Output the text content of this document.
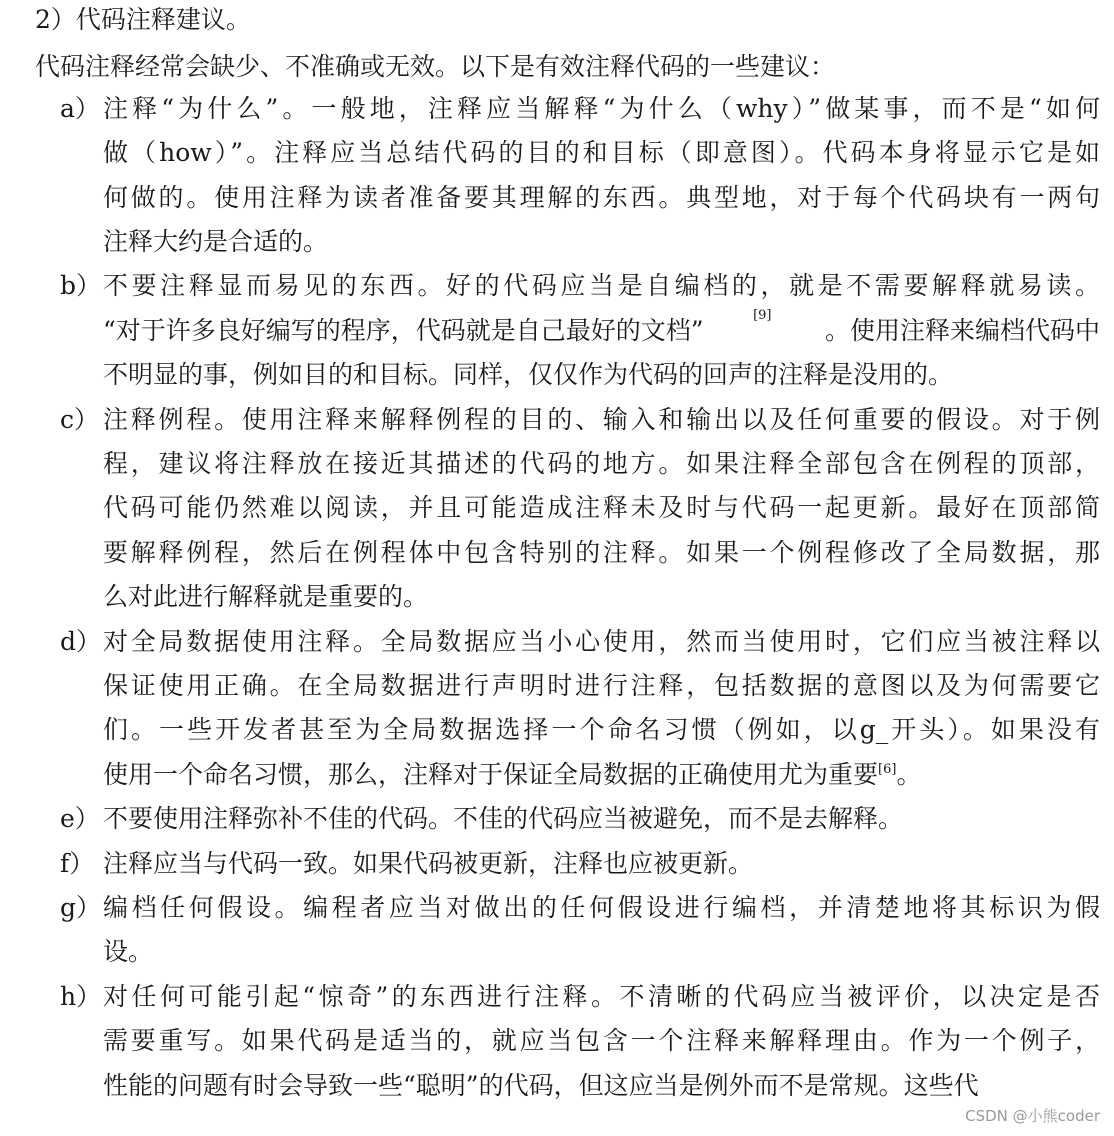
2）代码注释建议。
代码注释经常会缺少、不准确或无效。以下是有效注释代码的一些建议：
a） 注释“为什么”。一般地，注释应当解释“为什么（why）”做某事，而不是“如何
做（how）”。注释应当总结代码的目的和目标（即意图）。代码本身将显示它是如
何做的。使用注释为读者准备要其理解的东西。典型地，对于每个代码块有一两句
注释大约是合适的。
b） 不要注释显而易见的东西。好的代码应当是自编档的，就是不需要解释就易读。
“对于许多良好编写的程序，代码就是自己最好的文档”
[9]
。使用注释来编档代码中
不明显的事，例如目的和目标。同样，仅仅作为代码的回声的注释是没用的。
c） 注释例程。使用注释来解释例程的目的、输入和输出以及任何重要的假设。对于例
程，建议将注释放在接近其描述的代码的地方。如果注释全部包含在例程的顶部，
代码可能仍然难以阅读，并且可能造成注释未及时与代码一起更新。最好在顶部简
要解释例程，然后在例程体中包含特别的注释。如果一个例程修改了全局数据，那
么对此进行解释就是重要的。
d） 对全局数据使用注释。全局数据应当小心使用，然而当使用时，它们应当被注释以
保证使用正确。在全局数据进行声明时进行注释，包括数据的意图以及为何需要它
们。一些开发者甚至为全局数据选择一个命名习惯（例如，以g_开头）。如果没有
使用一个命名习惯，那么，注释对于保证全局数据的正确使用尤为重要[6]。
e） 不要使用注释弥补不佳的代码。不佳的代码应当被避免，而不是去解释。
f） 注释应当与代码一致。如果代码被更新，注释也应被更新。
g） 编档任何假设。编程者应当对做出的任何假设进行编档，并清楚地将其标识为假
设。
h） 对任何可能引起“惊奇”的东西进行注释。不清晰的代码应当被评价，以决定是否
需要重写。如果代码是适当的，就应当包含一个注释来解释理由。作为一个例子，
性能的问题有时会导致一些“聪明”的代码，但这应当是例外而不是常规。这些代
CSDN @小熊coder
